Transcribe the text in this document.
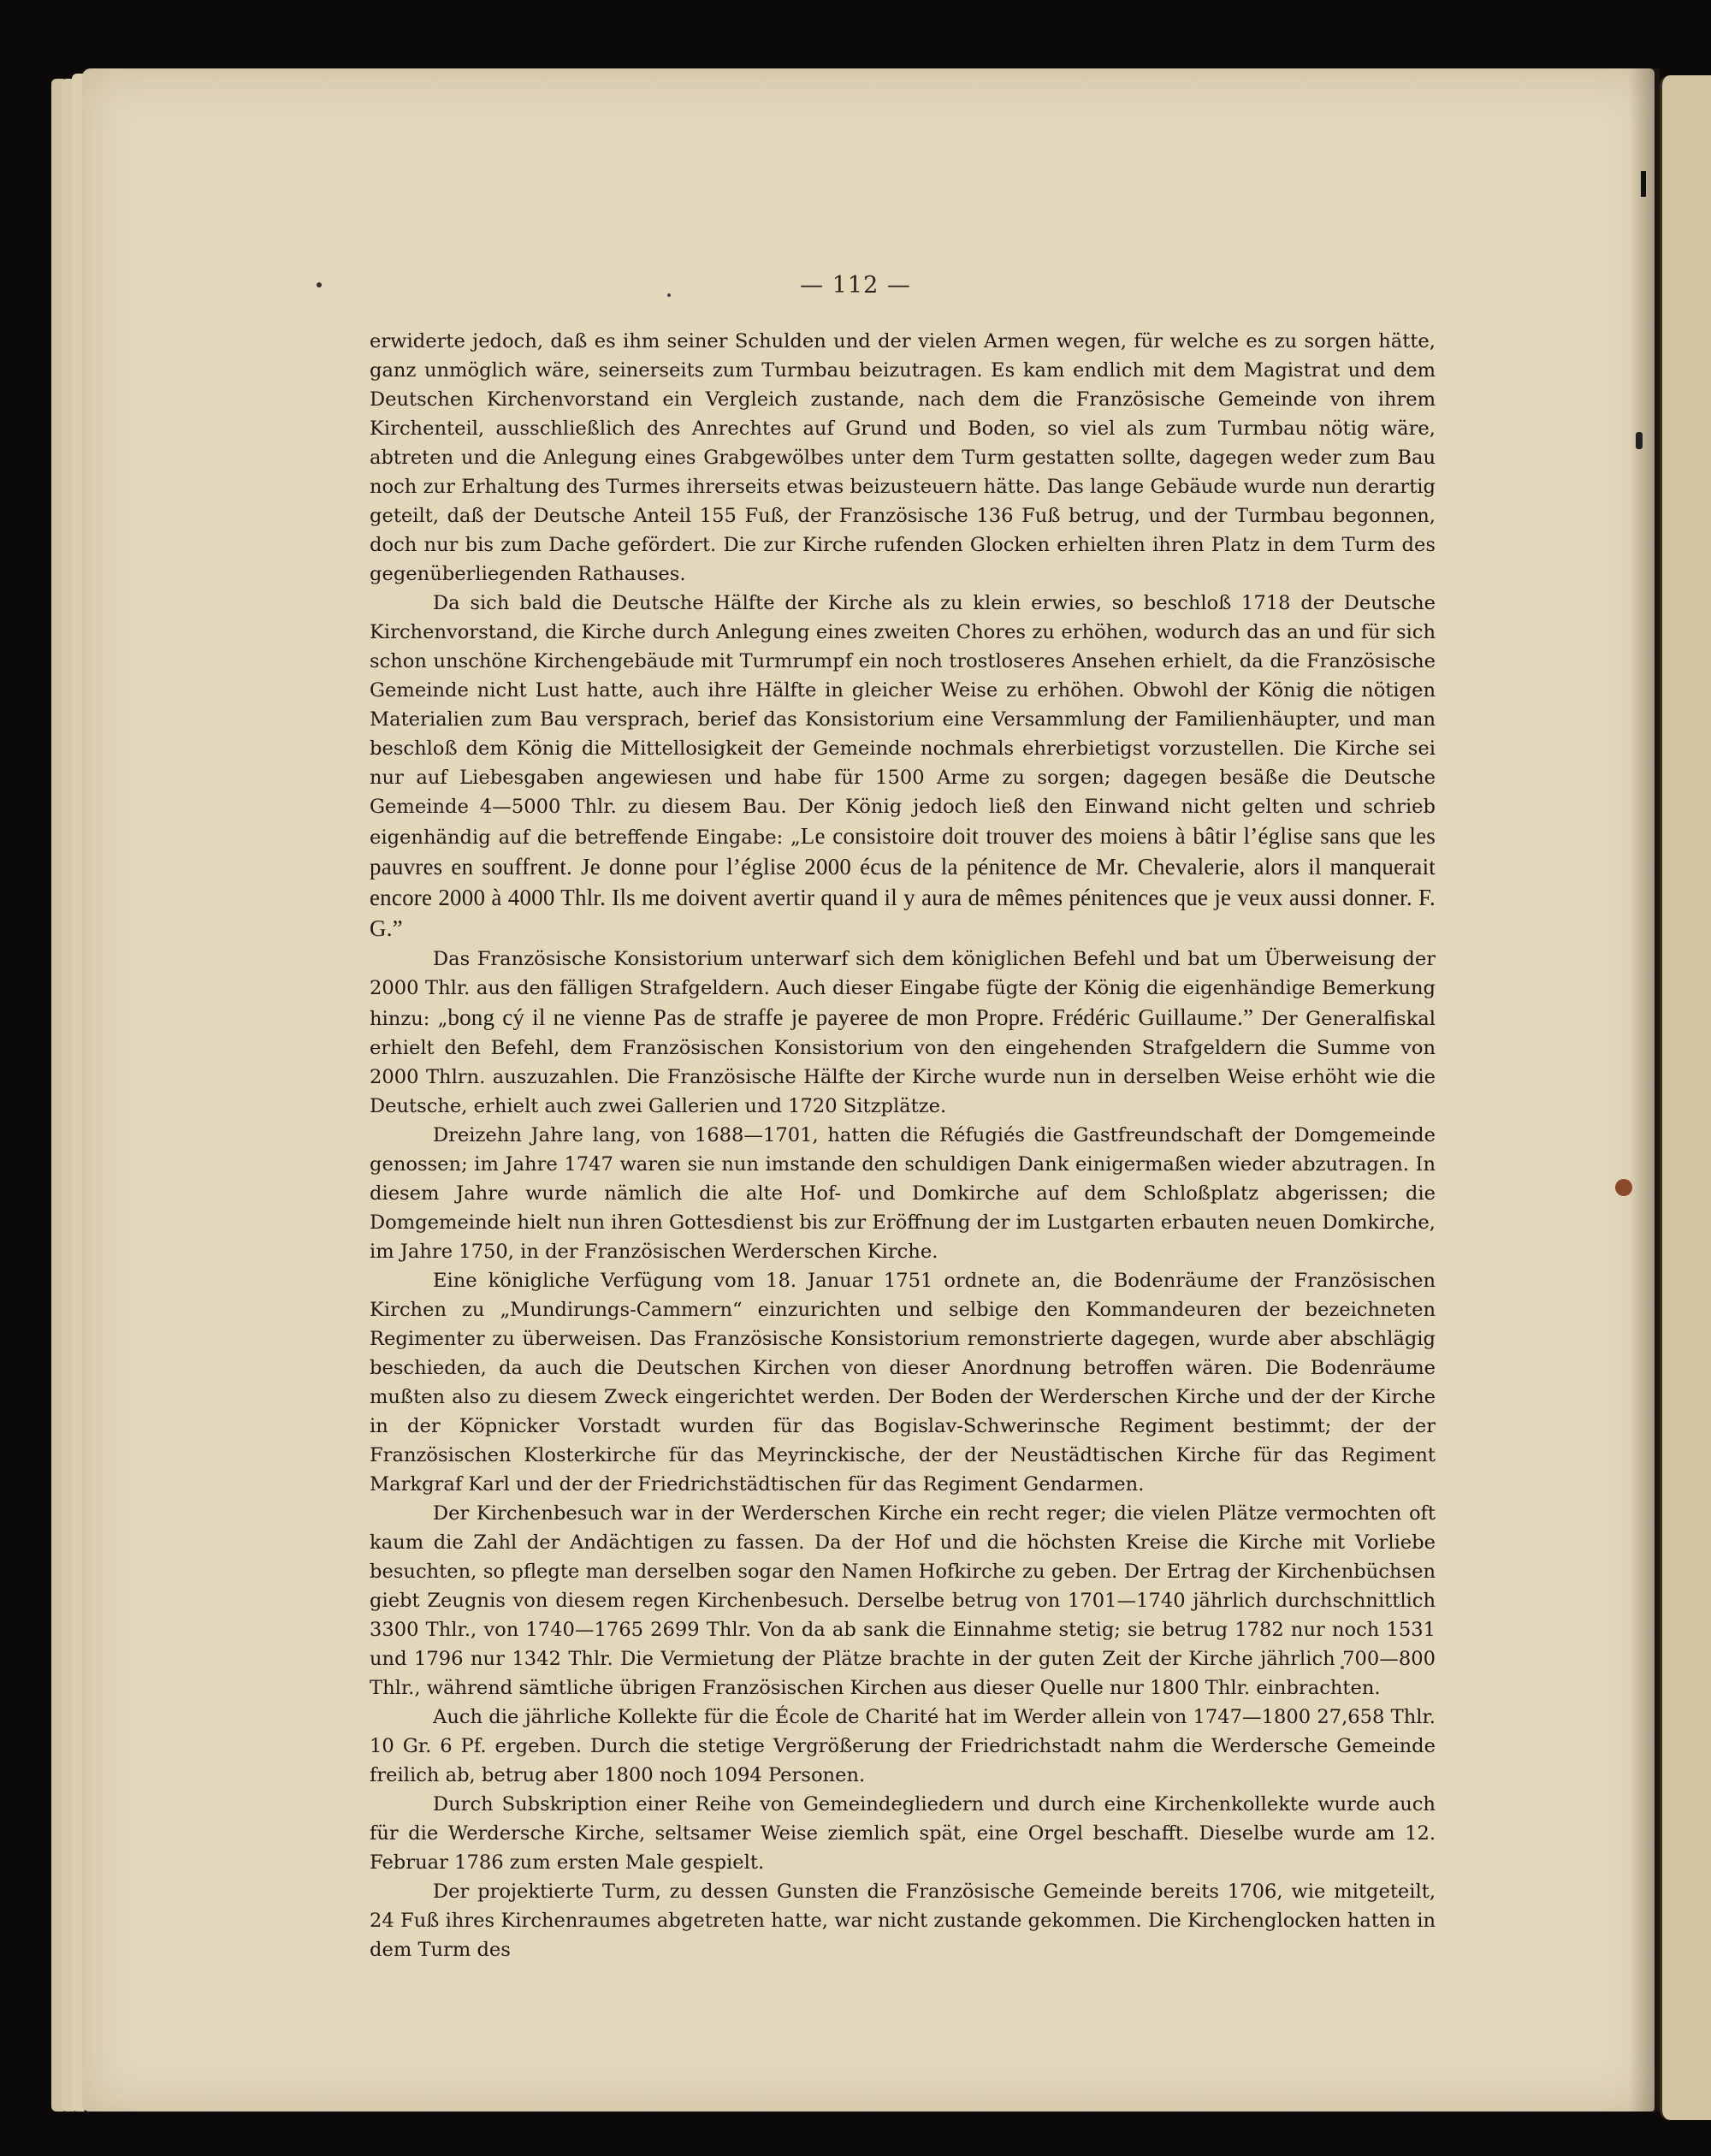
— 112 —

erwiderte jedoch, daß es ihm seiner Schulden und der vielen Armen wegen, für welche es zu sorgen hätte, ganz unmöglich wäre, seinerseits zum Turmbau beizutragen. Es kam endlich mit dem Magistrat und dem Deutschen Kirchenvorstand ein Vergleich zustande, nach dem die Französische Gemeinde von ihrem Kirchenteil, ausschließlich des Anrechtes auf Grund und Boden, so viel als zum Turmbau nötig wäre, abtreten und die Anlegung eines Grabgewölbes unter dem Turm gestatten sollte, dagegen weder zum Bau noch zur Erhaltung des Turmes ihrerseits etwas beizusteuern hätte. Das lange Gebäude wurde nun derartig geteilt, daß der Deutsche Anteil 155 Fuß, der Französische 136 Fuß betrug, und der Turmbau begonnen, doch nur bis zum Dache gefördert. Die zur Kirche rufenden Glocken erhielten ihren Platz in dem Turm des gegenüberliegenden Rathauses.

Da sich bald die Deutsche Hälfte der Kirche als zu klein erwies, so beschloß 1718 der Deutsche Kirchenvorstand, die Kirche durch Anlegung eines zweiten Chores zu erhöhen, wodurch das an und für sich schon unschöne Kirchengebäude mit Turmrumpf ein noch trostloseres Ansehen erhielt, da die Französische Gemeinde nicht Lust hatte, auch ihre Hälfte in gleicher Weise zu erhöhen. Obwohl der König die nötigen Materialien zum Bau versprach, berief das Konsistorium eine Versammlung der Familienhäupter, und man beschloß dem König die Mittellosigkeit der Gemeinde nochmals ehrerbietigst vorzustellen. Die Kirche sei nur auf Liebesgaben angewiesen und habe für 1500 Arme zu sorgen; dagegen besäße die Deutsche Gemeinde 4—5000 Thlr. zu diesem Bau. Der König jedoch ließ den Einwand nicht gelten und schrieb eigenhändig auf die betreffende Eingabe: „Le consistoire doit trouver des moiens à bâtir l’église sans que les pauvres en souffrent. Je donne pour l’église 2000 écus de la pénitence de Mr. Chevalerie, alors il manquerait encore 2000 à 4000 Thlr. Ils me doivent avertir quand il y aura de mêmes pénitences que je veux aussi donner. F. G.”

Das Französische Konsistorium unterwarf sich dem königlichen Befehl und bat um Überweisung der 2000 Thlr. aus den fälligen Strafgeldern. Auch dieser Eingabe fügte der König die eigenhändige Bemerkung hinzu: „bong cý il ne vienne Pas de straffe je payeree de mon Propre. Frédéric Guillaume.” Der Generalfiskal erhielt den Befehl, dem Französischen Konsistorium von den eingehenden Strafgeldern die Summe von 2000 Thlrn. auszuzahlen. Die Französische Hälfte der Kirche wurde nun in derselben Weise erhöht wie die Deutsche, erhielt auch zwei Gallerien und 1720 Sitzplätze.

Dreizehn Jahre lang, von 1688—1701, hatten die Réfugiés die Gastfreundschaft der Domgemeinde genossen; im Jahre 1747 waren sie nun imstande den schuldigen Dank einigermaßen wieder abzutragen. In diesem Jahre wurde nämlich die alte Hof- und Domkirche auf dem Schloßplatz abgerissen; die Domgemeinde hielt nun ihren Gottesdienst bis zur Eröffnung der im Lustgarten erbauten neuen Domkirche, im Jahre 1750, in der Französischen Werderschen Kirche.

Eine königliche Verfügung vom 18. Januar 1751 ordnete an, die Bodenräume der Französischen Kirchen zu „Mundirungs-Cammern“ einzurichten und selbige den Kommandeuren der bezeichneten Regimenter zu überweisen. Das Französische Konsistorium remonstrierte dagegen, wurde aber abschlägig beschieden, da auch die Deutschen Kirchen von dieser Anordnung betroffen wären. Die Bodenräume mußten also zu diesem Zweck eingerichtet werden. Der Boden der Werderschen Kirche und der der Kirche in der Köpnicker Vorstadt wurden für das Bogislav-Schwerinsche Regiment bestimmt; der der Französischen Klosterkirche für das Meyrinckische, der der Neustädtischen Kirche für das Regiment Markgraf Karl und der der Friedrichstädtischen für das Regiment Gendarmen.

Der Kirchenbesuch war in der Werderschen Kirche ein recht reger; die vielen Plätze vermochten oft kaum die Zahl der Andächtigen zu fassen. Da der Hof und die höchsten Kreise die Kirche mit Vorliebe besuchten, so pflegte man derselben sogar den Namen Hofkirche zu geben. Der Ertrag der Kirchenbüchsen giebt Zeugnis von diesem regen Kirchenbesuch. Derselbe betrug von 1701—1740 jährlich durchschnittlich 3300 Thlr., von 1740—1765 2699 Thlr. Von da ab sank die Einnahme stetig; sie betrug 1782 nur noch 1531 und 1796 nur 1342 Thlr. Die Vermietung der Plätze brachte in der guten Zeit der Kirche jährlich 700—800 Thlr., während sämtliche übrigen Französischen Kirchen aus dieser Quelle nur 1800 Thlr. einbrachten.

Auch die jährliche Kollekte für die École de Charité hat im Werder allein von 1747—1800 27,658 Thlr. 10 Gr. 6 Pf. ergeben. Durch die stetige Vergrößerung der Friedrichstadt nahm die Werdersche Gemeinde freilich ab, betrug aber 1800 noch 1094 Personen.

Durch Subskription einer Reihe von Gemeindegliedern und durch eine Kirchenkollekte wurde auch für die Werdersche Kirche, seltsamer Weise ziemlich spät, eine Orgel beschafft. Dieselbe wurde am 12. Februar 1786 zum ersten Male gespielt.

Der projektierte Turm, zu dessen Gunsten die Französische Gemeinde bereits 1706, wie mitgeteilt, 24 Fuß ihres Kirchenraumes abgetreten hatte, war nicht zustande gekommen. Die Kirchenglocken hatten in dem Turm des
